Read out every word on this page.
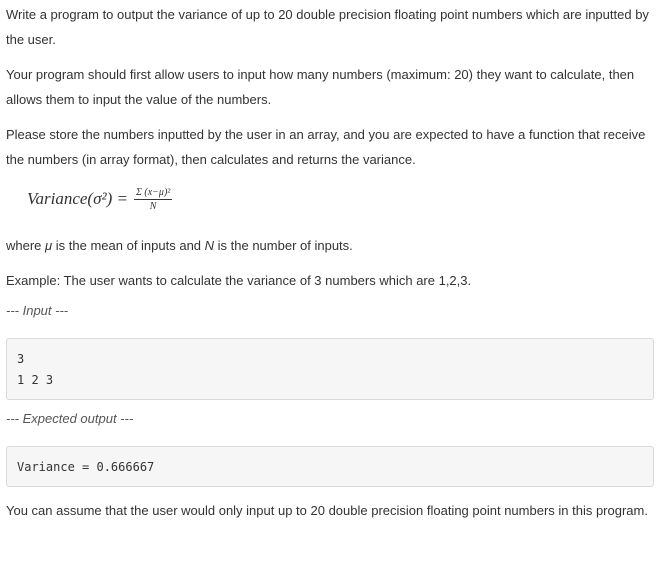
Write a program to output the variance of up to 20 double precision floating point numbers which are inputted by the user.

Your program should first allow users to input how many numbers (maximum: 20) they want to calculate, then allows them to input the value of the numbers.

Please store the numbers inputted by the user in an array, and you are expected to have a function that receive the numbers (in array format), then calculates and returns the variance.

Variance(σ²) = $\frac{\text{Σ (x−μ)²}}{N}$

where μ is the mean of inputs and N is the number of inputs.

Example: The user wants to calculate the variance of 3 numbers which are 1,2,3.

--- Input ---
3
1 2 3
--- Expected output ---
Variance = 0.666667

You can assume that the user would only input up to 20 double precision floating point numbers in this program.
